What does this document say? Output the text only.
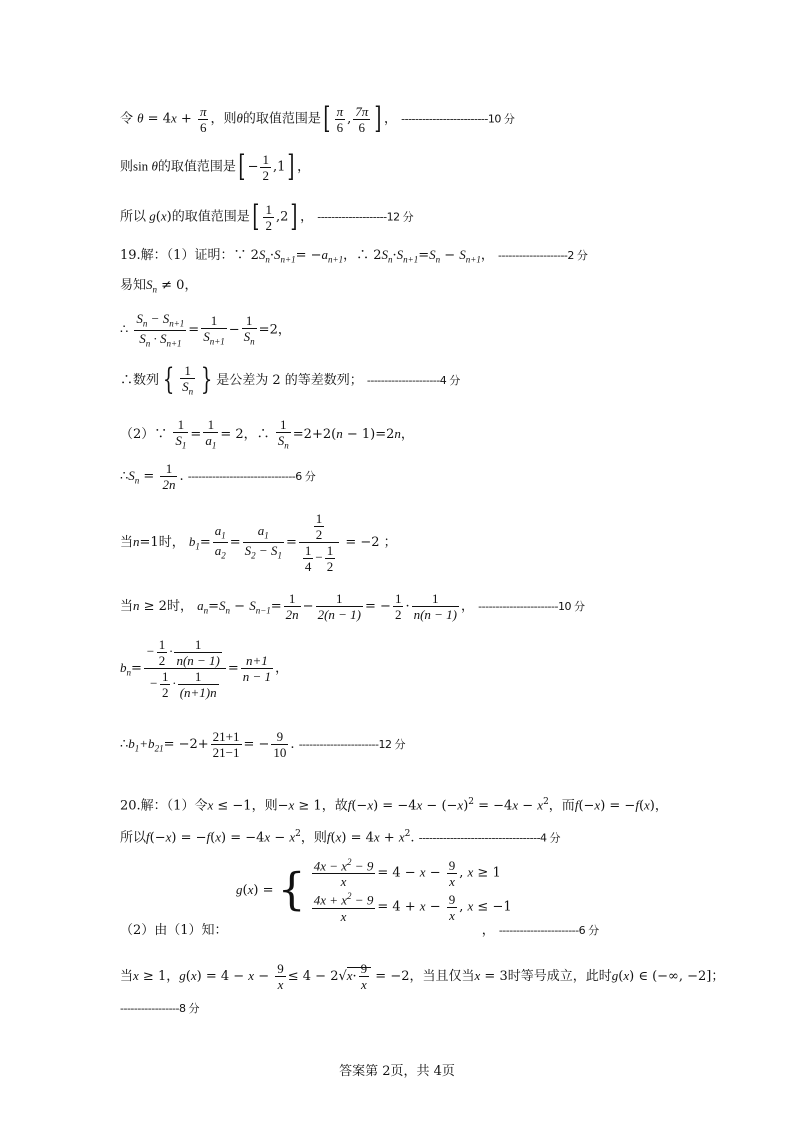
令 $\theta = 4x + \frac{\pi}{6}$ ，则θ的取值范围是[ $\frac{\pi}{6}$ , $\frac{7\pi}{6}$ ] ， -------------------------10 分
则sin θ的取值范围是[ − $\frac{1}{2} ,1$] ，
所以 g(x)的取值范围是[ $\frac{1}{2} ,2$] ， --------------------12 分
19.解：（1）证明：∵ $2S_n\cdot S_{n+1}= -a_{n+1}$，∴ $2S_n\cdot S_{n+1}=S_n - S_{n+1}$， --------------------2 分
易知$S_n \ne 0$，
∴ $\frac{S_n - S_{n+1}}{S_n \cdot S_{n+1}} = \frac{1}{S_{n+1}} - \frac{1}{S_n} =2$，
∴数列 { $\frac{1}{S_n}$ } 是公差为 2 的等差数列； ---------------------4 分
（2）∵ $\frac{1}{S_1} = \frac{1}{a_1} = 2$，∴ $\frac{1}{S_n} =2+2(n - 1)=2n$，
$\therefore S_n = \frac{1}{2n}$ . -------------------------------6 分
当n=1时， $b_1= \frac{a_1}{a_2} = \frac{a_1}{S_2 - S_1} = \frac{\frac{1}{2}}{\frac{1}{4} - \frac{1}{2}} = -2$ ；
当n ≥ 2时， $a_n=S_n - S_{n-1}= \frac{1}{2n} - \frac{1}{2(n - 1)}$ = − $\frac{1}{2} \cdot \frac{1}{n(n - 1)}$ ， -----------------------10 分
$b_n= \frac{- \frac{1}{2} \cdot \frac{1}{n(n - 1)}}{- \frac{1}{2} \cdot \frac{1}{(n+1)n}} = \frac{n+1}{n - 1}$ ，
$\therefore b_1+b_{21}= -2+ \frac{21+1}{21-1}$ = − $\frac{9}{10}$ . -----------------------12 分
20.解：（1）令x ≤ −1，则−x ≥ 1，故$f(-x) = -4x - (-x)^2 = -4x - x^2$，而f(−x) = −f(x)，
所以$f(-x) = -f(x) = -4x - x^2$，则$f(x) = 4x + x^2$. -----------------------------------4 分
g(x) = { $\frac{4x - x^2 - 9}{x} = 4 - x - \frac{9}{x}$ , x ≥ 1
$\frac{4x + x^2 - 9}{x} = 4 + x - \frac{9}{x}$ , x ≤ −1
（2）由（1）知：	， -----------------------6 分
当x ≥ 1，$g(x) = 4 - x - \frac{9}{x} \le 4 - 2√x\cdot \frac{9}{x} = -2$，当且仅当x = 3时等号成立，此时g(x) ∈ (−∞, −2]；
-----------------8 分
答案第 2页，共 4页
